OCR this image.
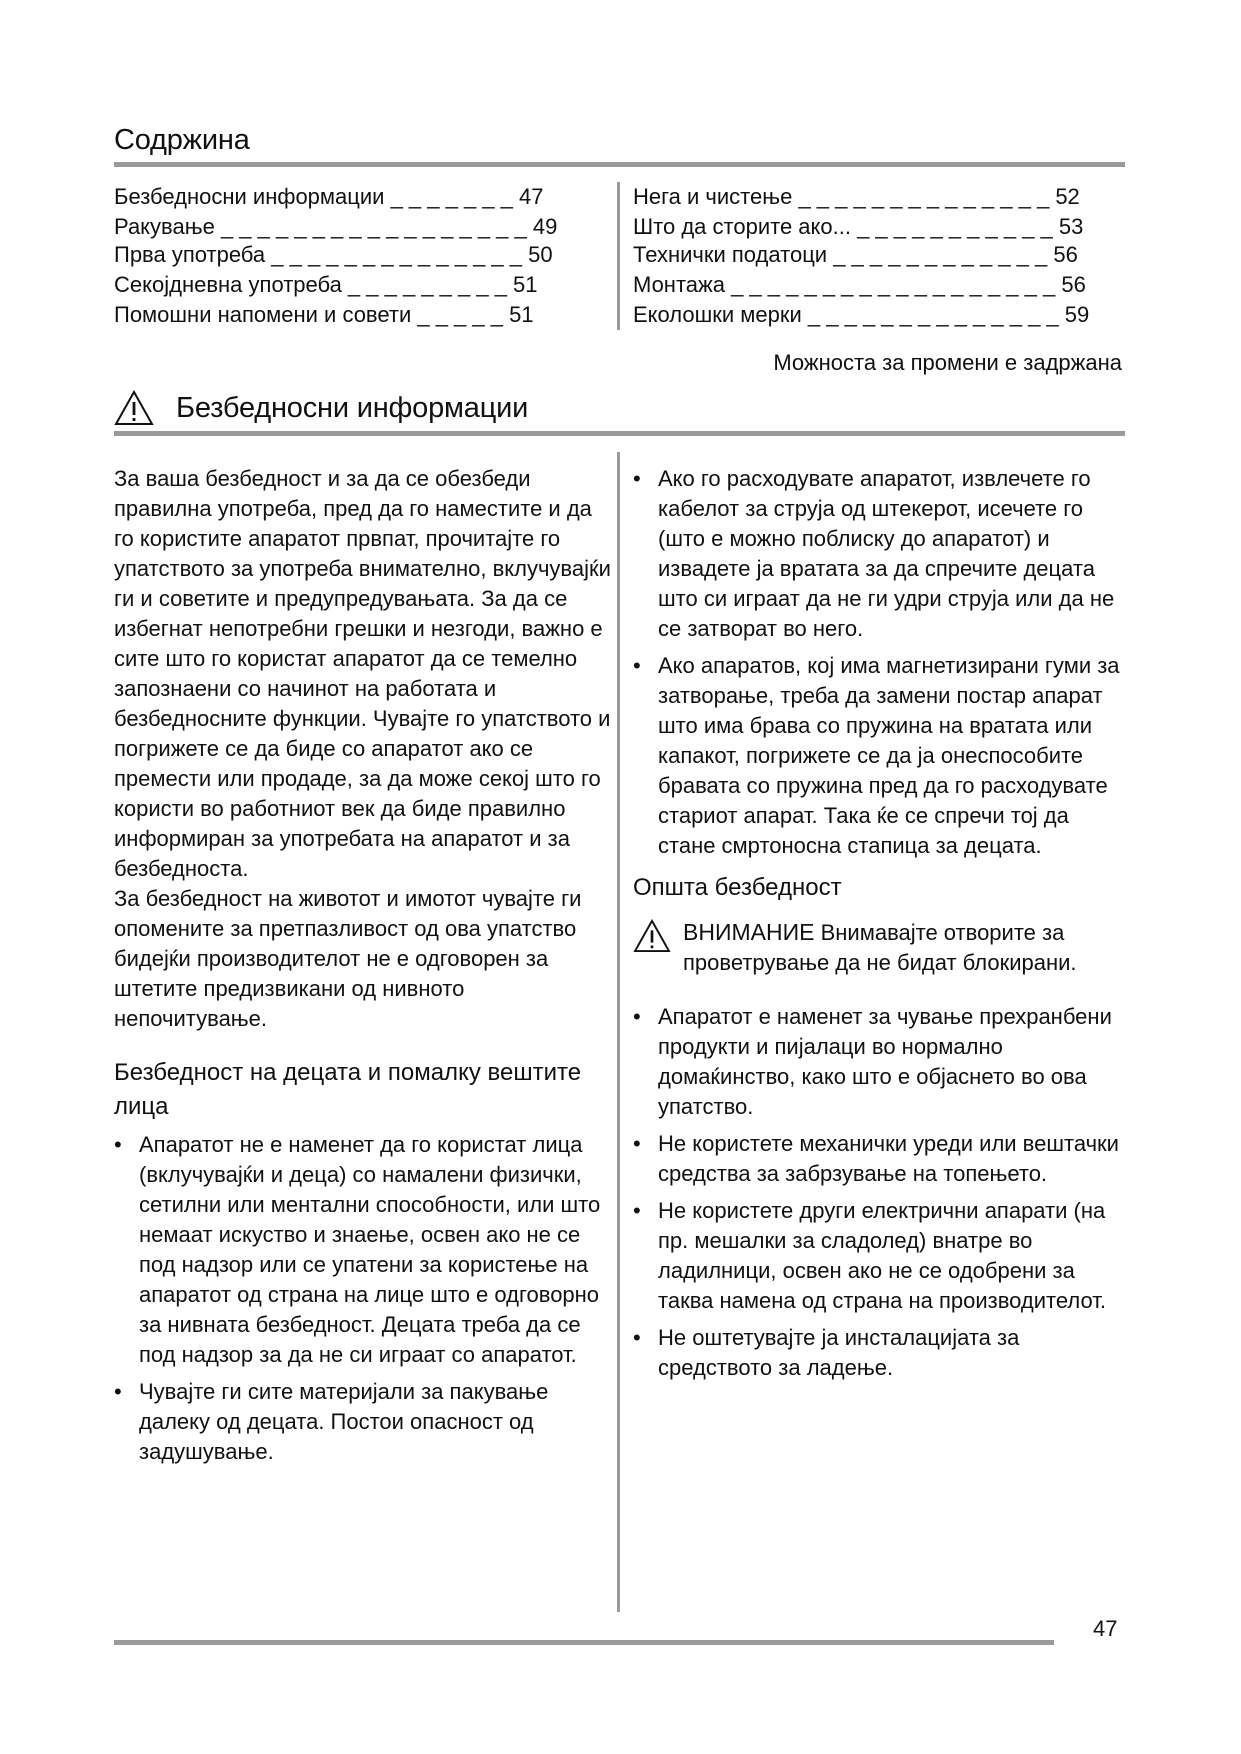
Содржина
Безбедносни информации _ _ _ _ _ _ _ 47
Ракување _ _ _ _ _ _ _ _ _ _ _ _ _ _ _ _ _ 49
Прва употреба _ _ _ _ _ _ _ _ _ _ _ _ _ _ 50
Секојдневна употреба _ _ _ _ _ _ _ _ _ 51
Помошни напомени и совети _ _ _ _ _ 51
Нега и чистење _ _ _ _ _ _ _ _ _ _ _ _ _ _ 52
Што да сторите ако... _ _ _ _ _ _ _ _ _ _ _ 53
Технички податоци _ _ _ _ _ _ _ _ _ _ _ _ 56
Монтажа _ _ _ _ _ _ _ _ _ _ _ _ _ _ _ _ _ _ 56
Еколошки мерки _ _ _ _ _ _ _ _ _ _ _ _ _ _ 59
Можноста за промени е задржана
Безбедносни информации

За ваша безбедност и за да се обезбеди правилна употреба, пред да го наместите и да го користите апаратот првпат, прочитајте го упатството за употреба внимателно, вклучувајќи ги и советите и предупредувањата. За да се избегнат непотребни грешки и незгоди, важно е сите што го користат апаратот да се темелно запознаени со начинот на работата и безбедносните функции. Чувајте го упатството и погрижете се да биде со апаратот ако се премести или продаде, за да може секој што го користи во работниот век да биде правилно информиран за употребата на апаратот и за безбедноста.

За безбедност на животот и имотот чувајте ги опомените за претпазливост од ова упатство бидејќи производителот не е одговорен за штетите предизвикани од нивното непочитување.

Безбедност на децата и помалку вештите лица
• Апаратот не е наменет да го користат лица (вклучувајќи и деца) со намалени физички, сетилни или ментални способности, или што немаат искуство и знаење, освен ако не се под надзор или се упатени за користење на апаратот од страна на лице што е одговорно за нивната безбедност. Децата треба да се под надзор за да не си играат со апаратот.
• Чувајте ги сите материјали за пакување далеку од децата. Постои опасност од задушување.
• Ако го расходувате апаратот, извлечете го кабелот за струја од штекерот, исечете го (што е можно поблиску до апаратот) и извадете ја вратата за да спречите децата што си играат да не ги удри струја или да не се затворат во него.
• Ако апаратов, кој има магнетизирани гуми за затворање, треба да замени постар апарат што има брава со пружина на вратата или капакот, погрижете се да ја онеспособите бравата со пружина пред да го расходувате стариот апарат. Така ќе се спречи тој да стане смртоносна стапица за децата.
Општа безбедност
ВНИМАНИЕ Внимавајте отворите за проветрување да не бидат блокирани.
• Апаратот е наменет за чување прехранбени продукти и пијалаци во нормално домаќинство, како што е објаснето во ова упатство.
• Не користете механички уреди или вештачки средства за забрзување на топењето.
• Не користете други електрични апарати (на пр. мешалки за сладолед) внатре во ладилници, освен ако не се одобрени за таква намена од страна на производителот.
• Не оштетувајте ја инсталацијата за средството за ладење.
47
